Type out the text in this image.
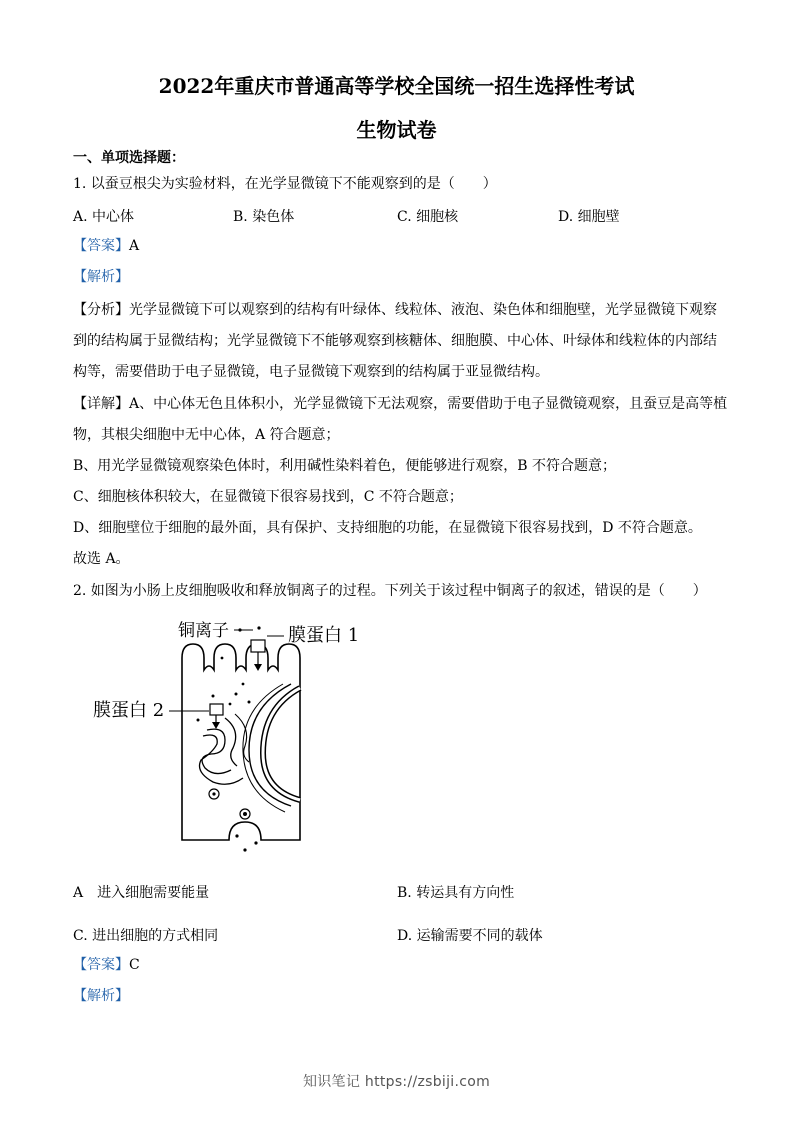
2022年重庆市普通高等学校全国统一招生选择性考试
生物试卷
一、单项选择题：
1. 以蚕豆根尖为实验材料，在光学显微镜下不能观察到的是（　　）
A. 中心体	B. 染色体	C. 细胞核	D. 细胞壁
【答案】A
【解析】
【分析】光学显微镜下可以观察到的结构有叶绿体、线粒体、液泡、染色体和细胞壁，光学显微镜下观察
到的结构属于显微结构；光学显微镜下不能够观察到核糖体、细胞膜、中心体、叶绿体和线粒体的内部结
构等，需要借助于电子显微镜，电子显微镜下观察到的结构属于亚显微结构。
【详解】A、中心体无色且体积小，光学显微镜下无法观察，需要借助于电子显微镜观察，且蚕豆是高等植
物，其根尖细胞中无中心体，A 符合题意；
B、用光学显微镜观察染色体时，利用碱性染料着色，便能够进行观察，B 不符合题意；
C、细胞核体积较大，在显微镜下很容易找到，C 不符合题意；
D、细胞壁位于细胞的最外面，具有保护、支持细胞的功能，在显微镜下很容易找到，D 不符合题意。
故选 A。
2. 如图为小肠上皮细胞吸收和释放铜离子的过程。下列关于该过程中铜离子的叙述，错误的是（　　）
铜离子	膜蛋白 1
膜蛋白 2
A　进入细胞需要能量	B. 转运具有方向性
C. 进出细胞的方式相同	D. 运输需要不同的载体
【答案】C
【解析】
知识笔记 https://zsbiji.com
